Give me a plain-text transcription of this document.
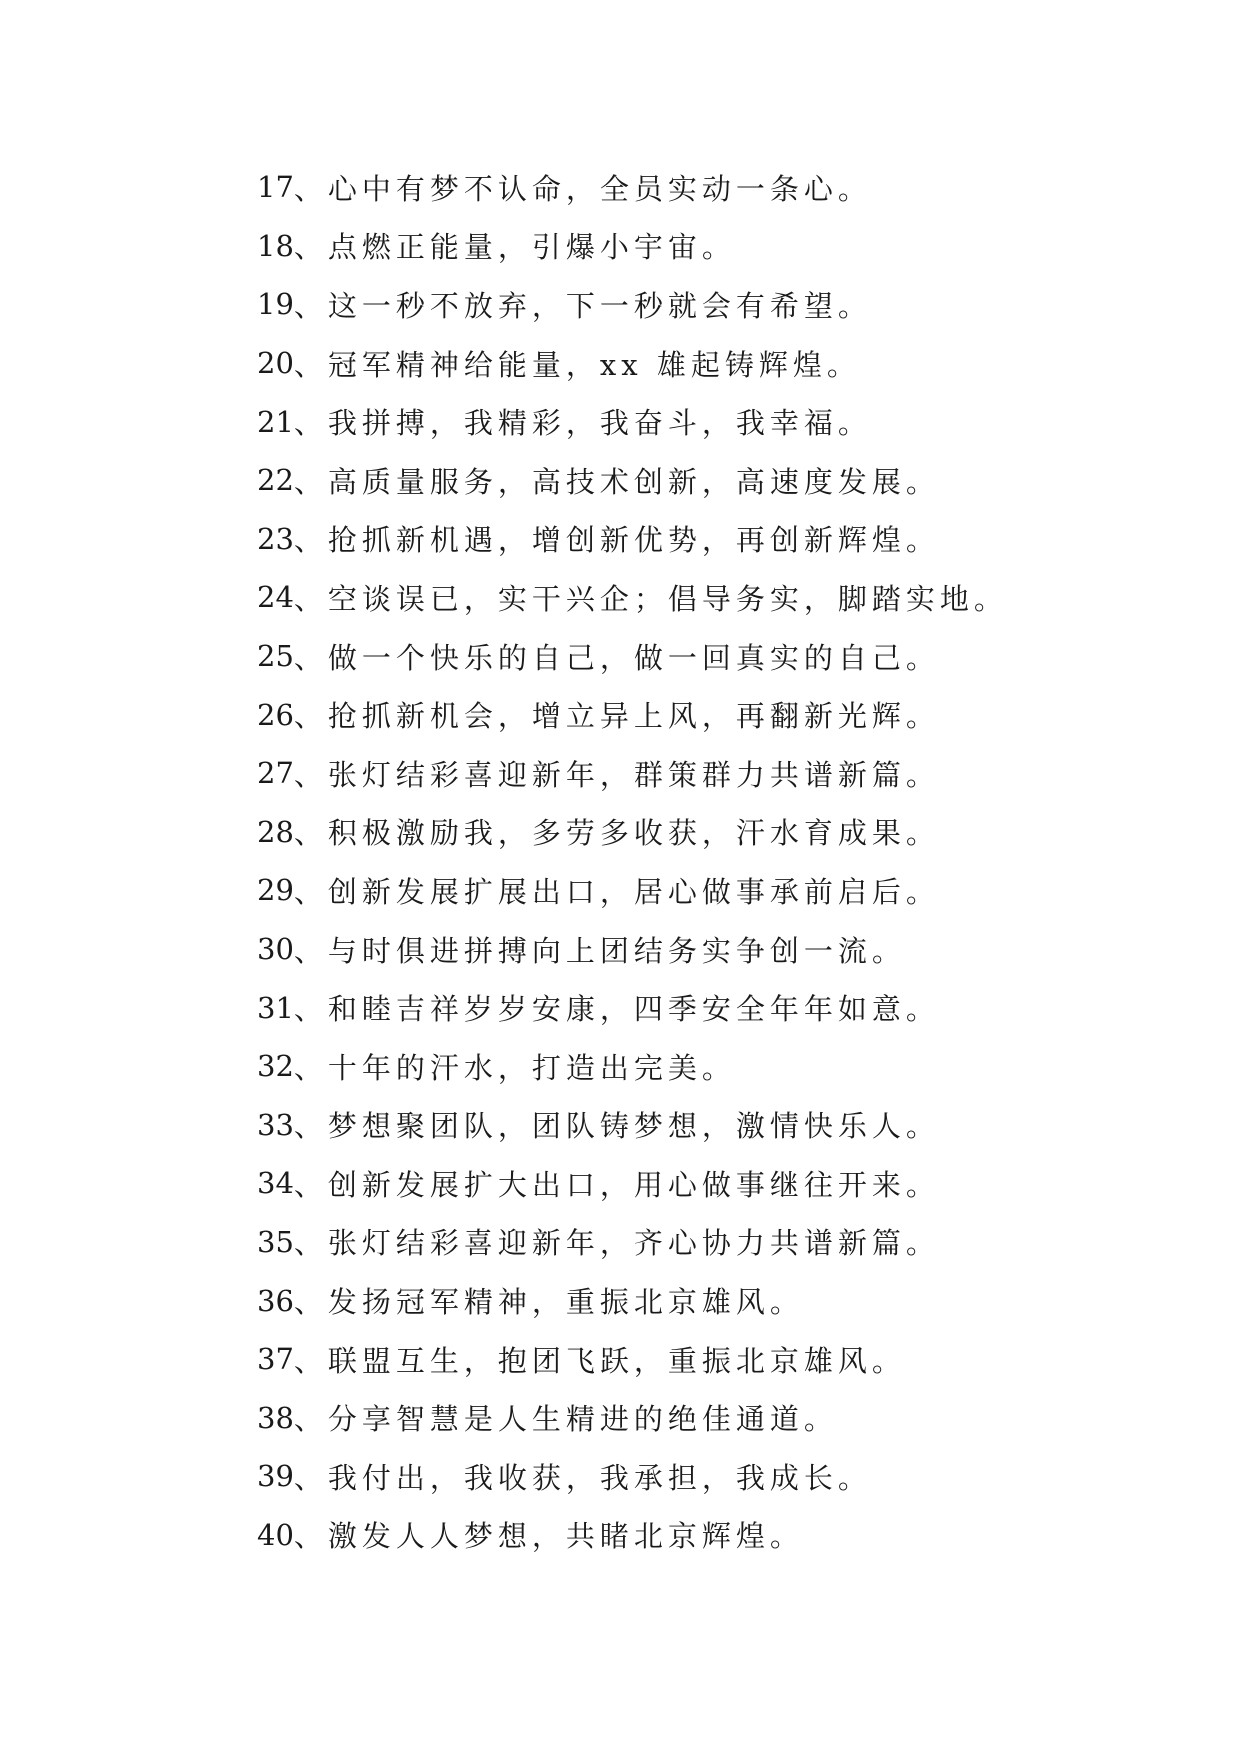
17 、 心中有梦不认命，全员实动一条心。
18 、 点燃正能量，引爆小宇宙。
19 、 这一秒不放弃，下一秒就会有希望。
20 、 冠军精神给能量，xx 雄起铸辉煌。
21 、 我拼搏，我精彩，我奋斗，我幸福。
22 、 高质量服务，高技术创新，高速度发展。
23 、 抢抓新机遇，增创新优势，再创新辉煌。
24 、 空谈误已，实干兴企；倡导务实，脚踏实地。
25 、 做一个快乐的自己，做一回真实的自己。
26 、 抢抓新机会，增立异上风，再翻新光辉。
27 、 张灯结彩喜迎新年，群策群力共谱新篇。
28 、 积极激励我，多劳多收获，汗水育成果。
29 、 创新发展扩展出口，居心做事承前启后。
30 、 与时俱进拼搏向上团结务实争创一流。
31 、 和睦吉祥岁岁安康，四季安全年年如意。
32 、 十年的汗水，打造出完美。
33 、 梦想聚团队，团队铸梦想，激情快乐人。
34 、 创新发展扩大出口，用心做事继往开来。
35 、 张灯结彩喜迎新年，齐心协力共谱新篇。
36 、 发扬冠军精神，重振北京雄风。
37 、 联盟互生，抱团飞跃，重振北京雄风。
38 、 分享智慧是人生精进的绝佳通道。
39 、 我付出，我收获，我承担，我成长。
40 、 激发人人梦想，共睹北京辉煌。
